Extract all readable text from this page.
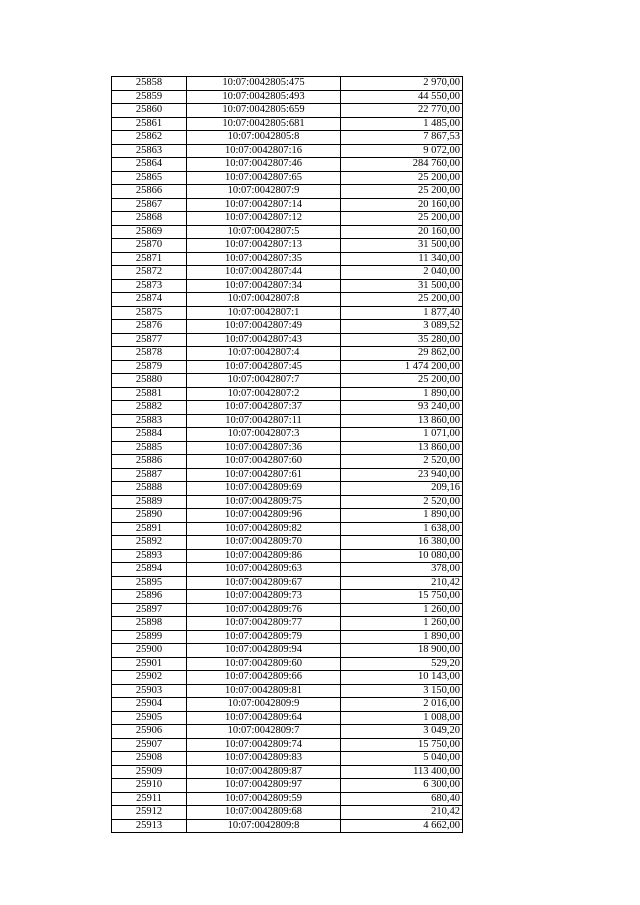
25858	10:07:0042805:475	2 970,00
25859	10:07:0042805:493	44 550,00
25860	10:07:0042805:659	22 770,00
25861	10:07:0042805:681	1 485,00
25862	10:07:0042805:8	7 867,53
25863	10:07:0042807:16	9 072,00
25864	10:07:0042807:46	284 760,00
25865	10:07:0042807:65	25 200,00
25866	10:07:0042807:9	25 200,00
25867	10:07:0042807:14	20 160,00
25868	10:07:0042807:12	25 200,00
25869	10:07:0042807:5	20 160,00
25870	10:07:0042807:13	31 500,00
25871	10:07:0042807:35	11 340,00
25872	10:07:0042807:44	2 040,00
25873	10:07:0042807:34	31 500,00
25874	10:07:0042807:8	25 200,00
25875	10:07:0042807:1	1 877,40
25876	10:07:0042807:49	3 089,52
25877	10:07:0042807:43	35 280,00
25878	10:07:0042807:4	29 862,00
25879	10:07:0042807:45	1 474 200,00
25880	10:07:0042807:7	25 200,00
25881	10:07:0042807:2	1 890,00
25882	10:07:0042807:37	93 240,00
25883	10:07:0042807:11	13 860,00
25884	10:07:0042807:3	1 071,00
25885	10:07:0042807:36	13 860,00
25886	10:07:0042807:60	2 520,00
25887	10:07:0042807:61	23 940,00
25888	10:07:0042809:69	209,16
25889	10:07:0042809:75	2 520,00
25890	10:07:0042809:96	1 890,00
25891	10:07:0042809:82	1 638,00
25892	10:07:0042809:70	16 380,00
25893	10:07:0042809:86	10 080,00
25894	10:07:0042809:63	378,00
25895	10:07:0042809:67	210,42
25896	10:07:0042809:73	15 750,00
25897	10:07:0042809:76	1 260,00
25898	10:07:0042809:77	1 260,00
25899	10:07:0042809:79	1 890,00
25900	10:07:0042809:94	18 900,00
25901	10:07:0042809:60	529,20
25902	10:07:0042809:66	10 143,00
25903	10:07:0042809:81	3 150,00
25904	10:07:0042809:9	2 016,00
25905	10:07:0042809:64	1 008,00
25906	10:07:0042809:7	3 049,20
25907	10:07:0042809:74	15 750,00
25908	10:07:0042809:83	5 040,00
25909	10:07:0042809:87	113 400,00
25910	10:07:0042809:97	6 300,00
25911	10:07:0042809:59	680,40
25912	10:07:0042809:68	210,42
25913	10:07:0042809:8	4 662,00
